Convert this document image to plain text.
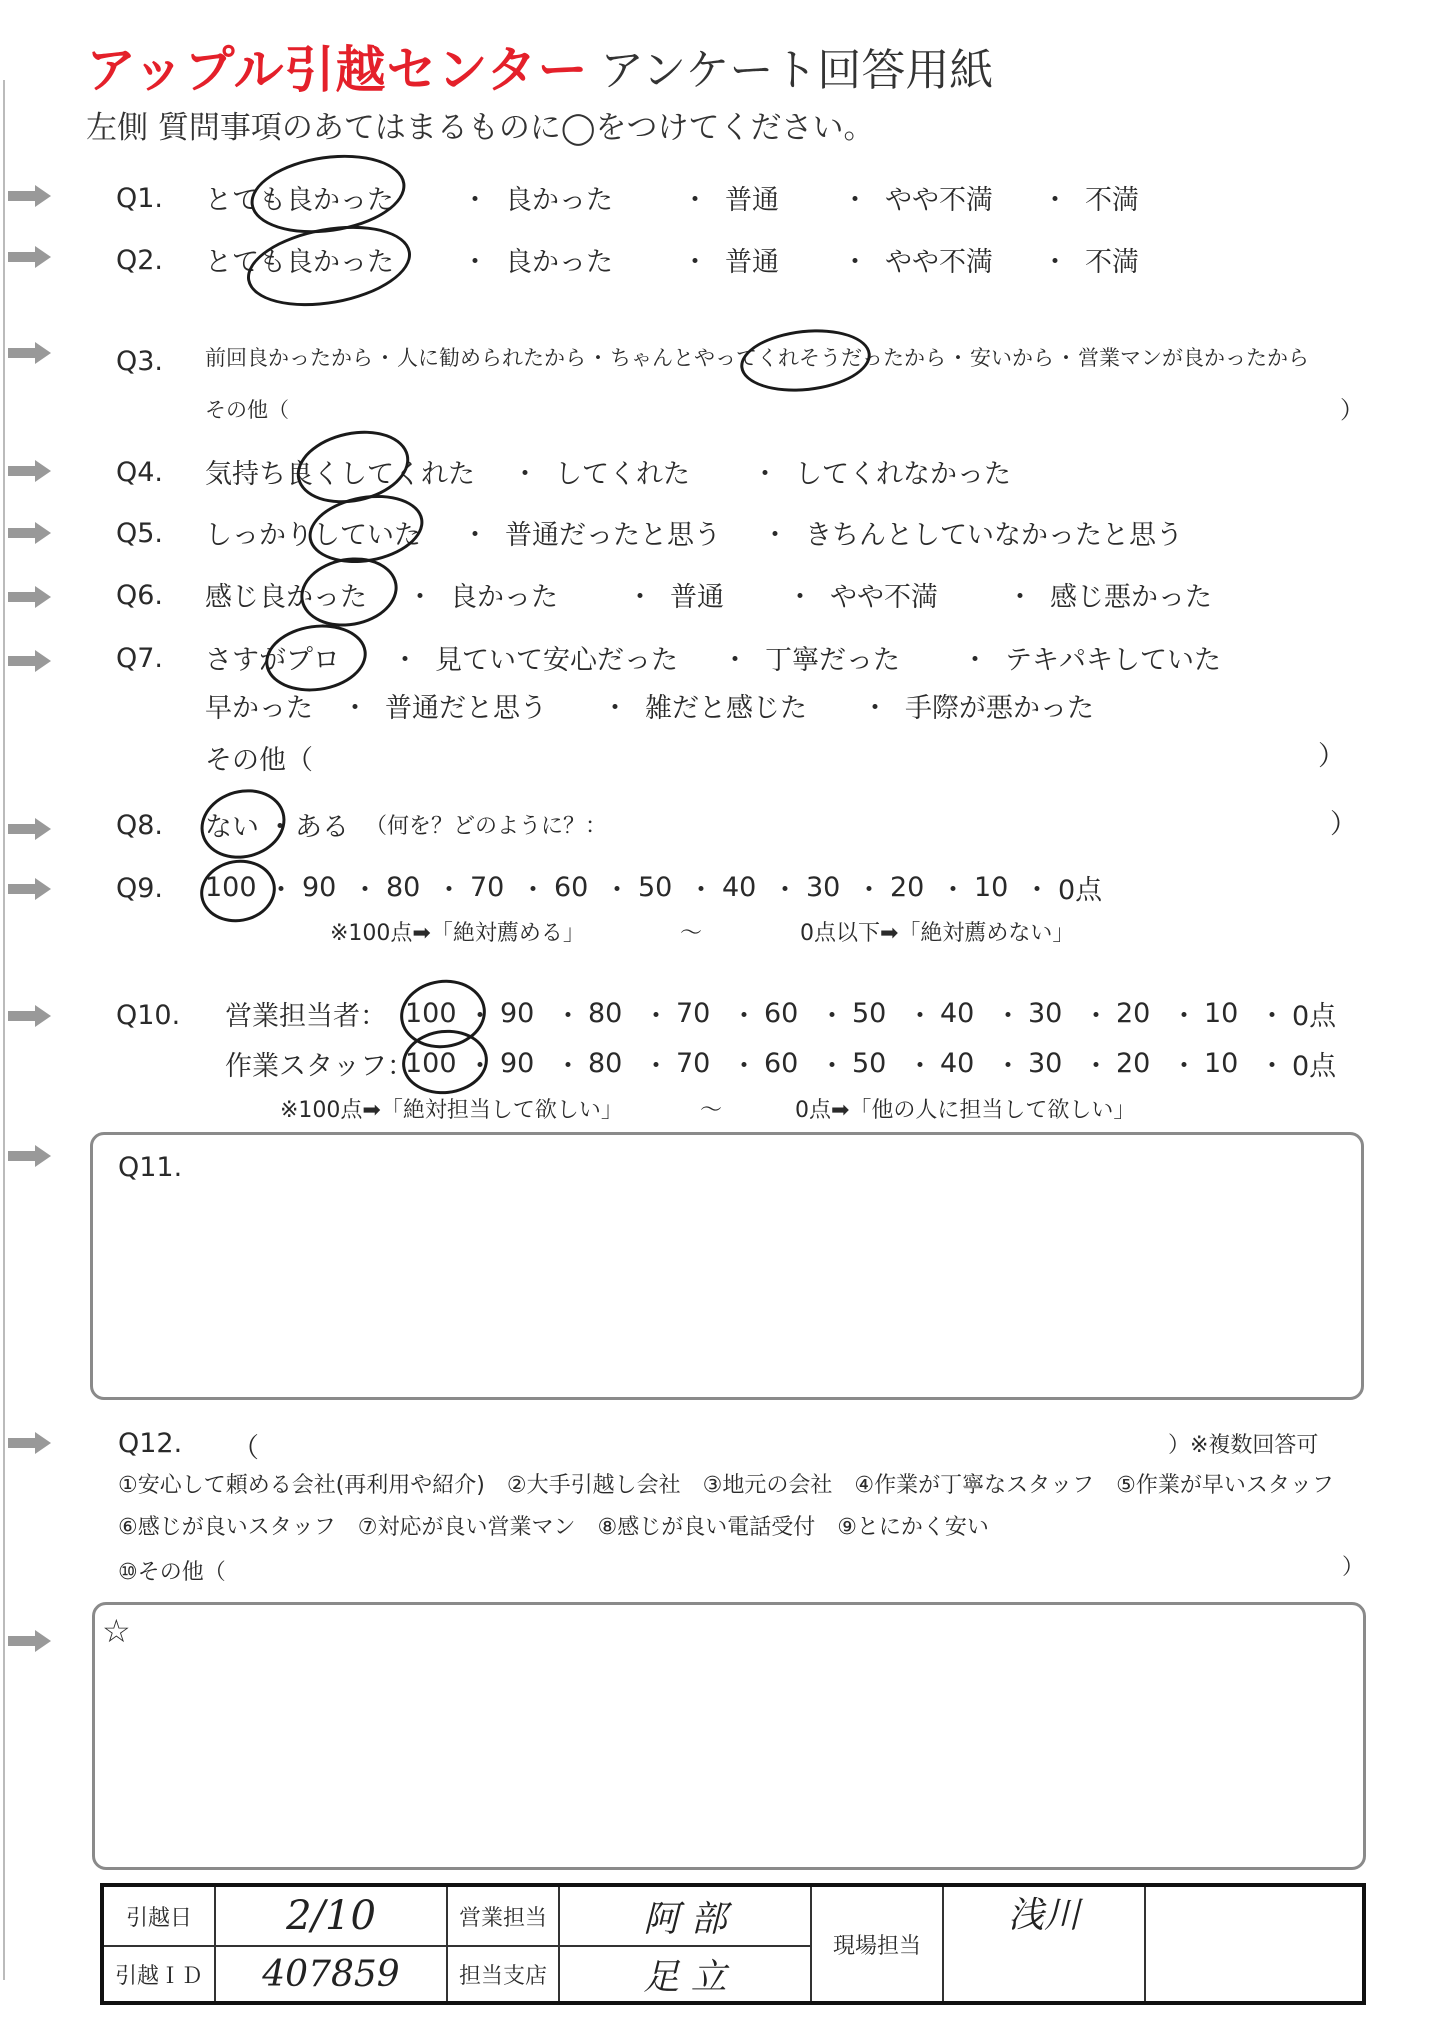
アップル引越センター アンケート回答用紙
左側 質問事項のあてはまるものに◯をつけてください。
Q1. とても良かった	・ 良かった	・ 普通	・ やや不満	・ 不満
Q2. とても良かった	・ 良かった	・ 普通	・ やや不満	・ 不満
Q3. 前回良かったから ・ 人に勧められたから ・ ちゃんとやってくれそうだったから ・ 安いから ・ 営業マンが良かったから
その他（	）
Q4. 気持ち良くしてくれた	・ してくれた	・ してくれなかった
Q5. しっかりしていた	・ 普通だったと思う	・ きちんとしていなかったと思う
Q6. 感じ良かった	・ 良かった	・ 普通	・ やや不満	・ 感じ悪かった
Q7. さすがプロ	・ 見ていて安心だった	・ 丁寧だった	・ テキパキしていた
早かった	・ 普通だと思う	・ 雑だと感じた	・ 手際が悪かった
その他（	）
Q8. ない ・ ある （何を？どのように？：	）
Q9. 100 ・ 90 ・ 80 ・ 70 ・ 60 ・ 50 ・ 40 ・ 30 ・ 20 ・ 10 ・ 0点
※100点➡「絶対薦める」	〜	0点以下➡「絶対薦めない」
Q10. 営業担当者： 100 ・ 90 ・ 80 ・ 70 ・ 60 ・ 50 ・ 40 ・ 30 ・ 20 ・ 10 ・ 0点
作業スタッフ：
100 ・ 90 ・ 80 ・ 70 ・ 60 ・ 50 ・ 40 ・ 30 ・ 20 ・ 10 ・ 0点
※100点➡「絶対担当して欲しい」	〜	0点➡「他の人に担当して欲しい」
Q11.
Q12. （	）※複数回答可
①安心して頼める会社(再利用や紹介) ②大手引越し会社 ③地元の会社 ④作業が丁寧なスタッフ ⑤作業が早いスタッフ
⑥感じが良いスタッフ ⑦対応が良い営業マン ⑧感じが良い電話受付 ⑨とにかく安い
⑩その他（	）
☆
引越日	2/10	営業担当	阿 部	現場担当	浅川	
引越ＩＤ	407859	担当支店	足 立			
